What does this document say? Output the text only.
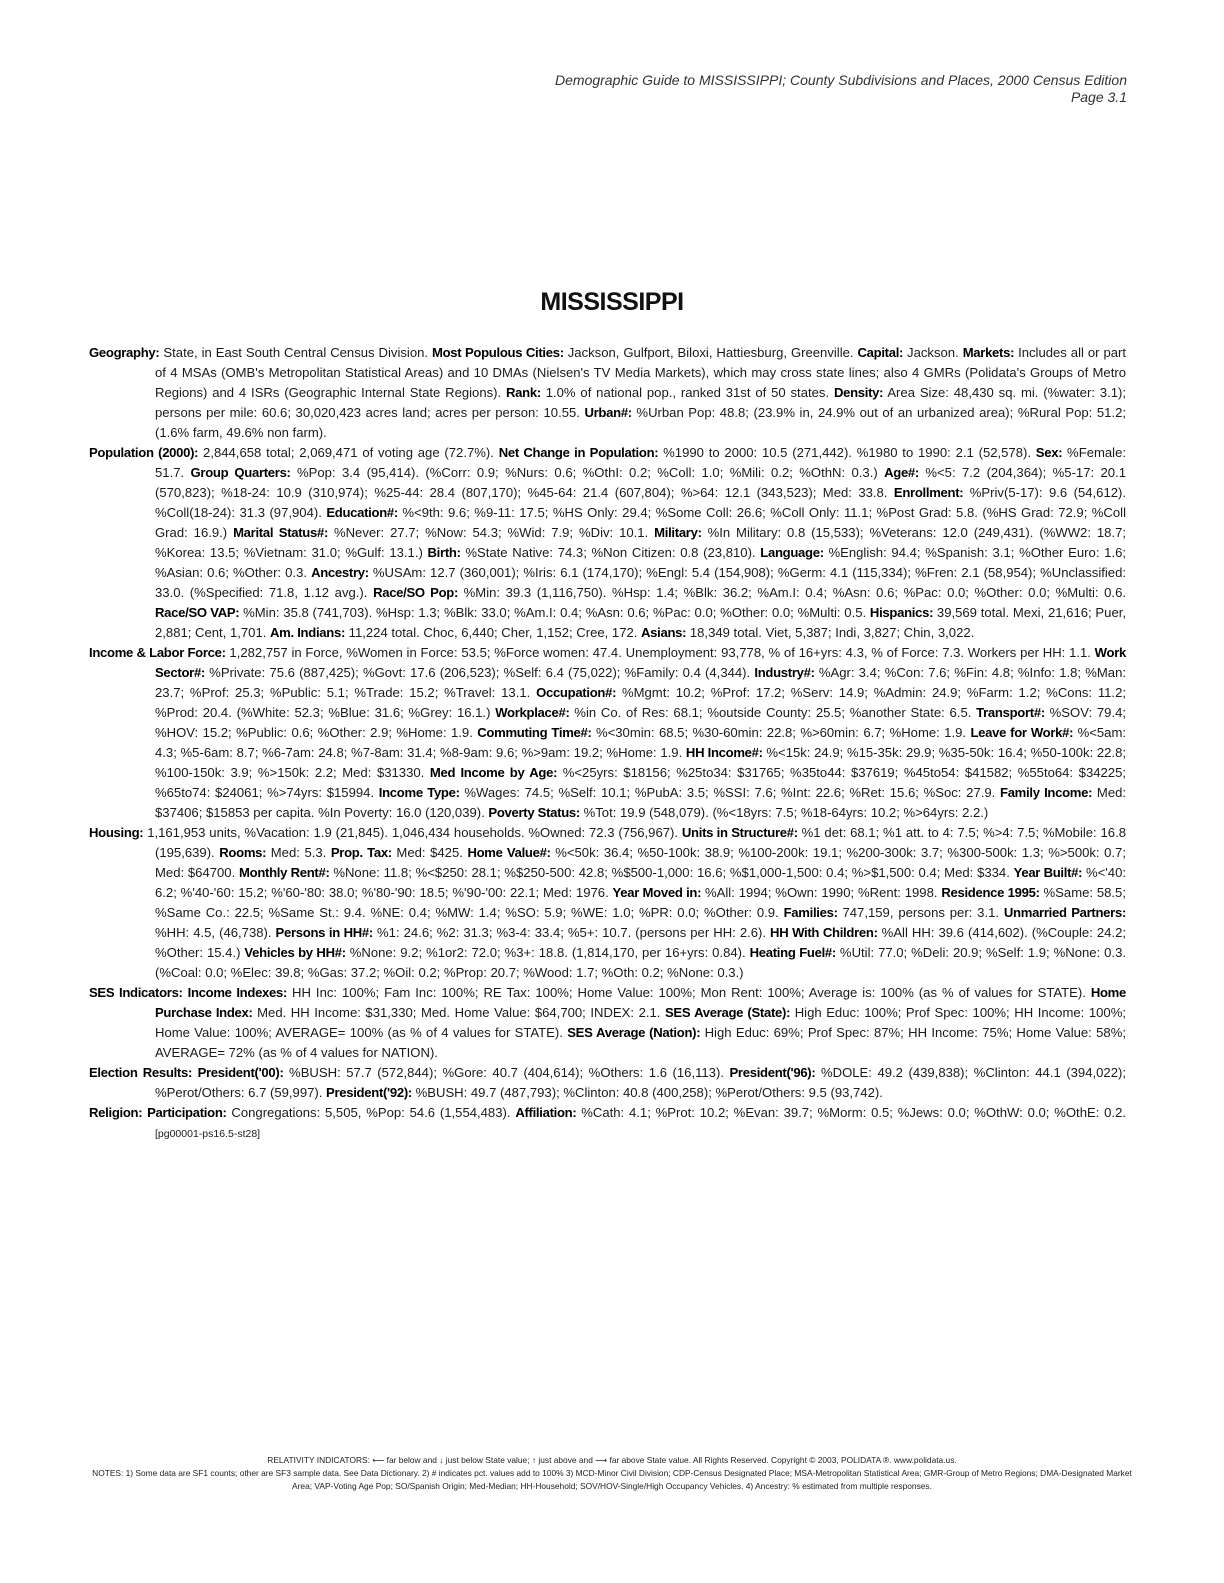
Demographic Guide to MISSISSIPPI; County Subdivisions and Places, 2000 Census Edition
Page 3.1
MISSISSIPPI

Geography: State, in East South Central Census Division. Most Populous Cities: Jackson, Gulfport, Biloxi, Hattiesburg, Greenville. Capital: Jackson. Markets: Includes all or part of 4 MSAs (OMB's Metropolitan Statistical Areas) and 10 DMAs (Nielsen's TV Media Markets), which may cross state lines; also 4 GMRs (Polidata's Groups of Metro Regions) and 4 ISRs (Geographic Internal State Regions). Rank: 1.0% of national pop., ranked 31st of 50 states. Density: Area Size: 48,430 sq. mi. (%water: 3.1); persons per mile: 60.6; 30,020,423 acres land; acres per person: 10.55. Urban#: %Urban Pop: 48.8; (23.9% in, 24.9% out of an urbanized area); %Rural Pop: 51.2; (1.6% farm, 49.6% non farm).

Population (2000): 2,844,658 total; 2,069,471 of voting age (72.7%). Net Change in Population: %1990 to 2000: 10.5 (271,442). %1980 to 1990: 2.1 (52,578). Sex: %Female: 51.7. Group Quarters: %Pop: 3.4 (95,414). (%Corr: 0.9; %Nurs: 0.6; %OthI: 0.2; %Coll: 1.0; %Mili: 0.2; %OthN: 0.3.) Age#: %<5: 7.2 (204,364); %5-17: 20.1 (570,823); %18-24: 10.9 (310,974); %25-44: 28.4 (807,170); %45-64: 21.4 (607,804); %>64: 12.1 (343,523); Med: 33.8. Enrollment: %Priv(5-17): 9.6 (54,612). %Coll(18-24): 31.3 (97,904). Education#: %<9th: 9.6; %9-11: 17.5; %HS Only: 29.4; %Some Coll: 26.6; %Coll Only: 11.1; %Post Grad: 5.8. (%HS Grad: 72.9; %Coll Grad: 16.9.) Marital Status#: %Never: 27.7; %Now: 54.3; %Wid: 7.9; %Div: 10.1. Military: %In Military: 0.8 (15,533); %Veterans: 12.0 (249,431). (%WW2: 18.7; %Korea: 13.5; %Vietnam: 31.0; %Gulf: 13.1.) Birth: %State Native: 74.3; %Non Citizen: 0.8 (23,810). Language: %English: 94.4; %Spanish: 3.1; %Other Euro: 1.6; %Asian: 0.6; %Other: 0.3. Ancestry: %USAm: 12.7 (360,001); %Iris: 6.1 (174,170); %Engl: 5.4 (154,908); %Germ: 4.1 (115,334); %Fren: 2.1 (58,954); %Unclassified: 33.0. (%Specified: 71.8, 1.12 avg.). Race/SO Pop: %Min: 39.3 (1,116,750). %Hsp: 1.4; %Blk: 36.2; %Am.I: 0.4; %Asn: 0.6; %Pac: 0.0; %Other: 0.0; %Multi: 0.6. Race/SO VAP: %Min: 35.8 (741,703). %Hsp: 1.3; %Blk: 33.0; %Am.I: 0.4; %Asn: 0.6; %Pac: 0.0; %Other: 0.0; %Multi: 0.5. Hispanics: 39,569 total. Mexi, 21,616; Puer, 2,881; Cent, 1,701. Am. Indians: 11,224 total. Choc, 6,440; Cher, 1,152; Cree, 172. Asians: 18,349 total. Viet, 5,387; Indi, 3,827; Chin, 3,022.

Income & Labor Force: 1,282,757 in Force, %Women in Force: 53.5; %Force women: 47.4. Unemployment: 93,778, % of 16+yrs: 4.3, % of Force: 7.3. Workers per HH: 1.1. Work Sector#: %Private: 75.6 (887,425); %Govt: 17.6 (206,523); %Self: 6.4 (75,022); %Family: 0.4 (4,344). Industry#: %Agr: 3.4; %Con: 7.6; %Fin: 4.8; %Info: 1.8; %Man: 23.7; %Prof: 25.3; %Public: 5.1; %Trade: 15.2; %Travel: 13.1. Occupation#: %Mgmt: 10.2; %Prof: 17.2; %Serv: 14.9; %Admin: 24.9; %Farm: 1.2; %Cons: 11.2; %Prod: 20.4. (%White: 52.3; %Blue: 31.6; %Grey: 16.1.) Workplace#: %in Co. of Res: 68.1; %outside County: 25.5; %another State: 6.5. Transport#: %SOV: 79.4; %HOV: 15.2; %Public: 0.6; %Other: 2.9; %Home: 1.9. Commuting Time#: %<30min: 68.5; %30-60min: 22.8; %>60min: 6.7; %Home: 1.9. Leave for Work#: %<5am: 4.3; %5-6am: 8.7; %6-7am: 24.8; %7-8am: 31.4; %8-9am: 9.6; %>9am: 19.2; %Home: 1.9. HH Income#: %<15k: 24.9; %15-35k: 29.9; %35-50k: 16.4; %50-100k: 22.8; %100-150k: 3.9; %>150k: 2.2; Med: $31330. Med Income by Age: %<25yrs: $18156; %25to34: $31765; %35to44: $37619; %45to54: $41582; %55to64: $34225; %65to74: $24061; %>74yrs: $15994. Income Type: %Wages: 74.5; %Self: 10.1; %PubA: 3.5; %SSI: 7.6; %Int: 22.6; %Ret: 15.6; %Soc: 27.9. Family Income: Med: $37406; $15853 per capita. %In Poverty: 16.0 (120,039). Poverty Status: %Tot: 19.9 (548,079). (%<18yrs: 7.5; %18-64yrs: 10.2; %>64yrs: 2.2.)

Housing: 1,161,953 units, %Vacation: 1.9 (21,845). 1,046,434 households. %Owned: 72.3 (756,967). Units in Structure#: %1 det: 68.1; %1 att. to 4: 7.5; %>4: 7.5; %Mobile: 16.8 (195,639). Rooms: Med: 5.3. Prop. Tax: Med: $425. Home Value#: %<50k: 36.4; %50-100k: 38.9; %100-200k: 19.1; %200-300k: 3.7; %300-500k: 1.3; %>500k: 0.7; Med: $64700. Monthly Rent#: %None: 11.8; %<$250: 28.1; %$250-500: 42.8; %$500-1,000: 16.6; %$1,000-1,500: 0.4; %>$1,500: 0.4; Med: $334. Year Built#: %<'40: 6.2; %'40-'60: 15.2; %'60-'80: 38.0; %'80-'90: 18.5; %'90-'00: 22.1; Med: 1976. Year Moved in: %All: 1994; %Own: 1990; %Rent: 1998. Residence 1995: %Same: 58.5; %Same Co.: 22.5; %Same St.: 9.4. %NE: 0.4; %MW: 1.4; %SO: 5.9; %WE: 1.0; %PR: 0.0; %Other: 0.9. Families: 747,159, persons per: 3.1. Unmarried Partners: %HH: 4.5, (46,738). Persons in HH#: %1: 24.6; %2: 31.3; %3-4: 33.4; %5+: 10.7. (persons per HH: 2.6). HH With Children: %All HH: 39.6 (414,602). (%Couple: 24.2; %Other: 15.4.) Vehicles by HH#: %None: 9.2; %1or2: 72.0; %3+: 18.8. (1,814,170, per 16+yrs: 0.84). Heating Fuel#: %Util: 77.0; %Deli: 20.9; %Self: 1.9; %None: 0.3. (%Coal: 0.0; %Elec: 39.8; %Gas: 37.2; %Oil: 0.2; %Prop: 20.7; %Wood: 1.7; %Oth: 0.2; %None: 0.3.)

SES Indicators: Income Indexes: HH Inc: 100%; Fam Inc: 100%; RE Tax: 100%; Home Value: 100%; Mon Rent: 100%; Average is: 100% (as % of values for STATE). Home Purchase Index: Med. HH Income: $31,330; Med. Home Value: $64,700; INDEX: 2.1. SES Average (State): High Educ: 100%; Prof Spec: 100%; HH Income: 100%; Home Value: 100%; AVERAGE= 100% (as % of 4 values for STATE). SES Average (Nation): High Educ: 69%; Prof Spec: 87%; HH Income: 75%; Home Value: 58%; AVERAGE= 72% (as % of 4 values for NATION).

Election Results: President('00): %BUSH: 57.7 (572,844); %Gore: 40.7 (404,614); %Others: 1.6 (16,113). President('96): %DOLE: 49.2 (439,838); %Clinton: 44.1 (394,022); %Perot/Others: 6.7 (59,997). President('92): %BUSH: 49.7 (487,793); %Clinton: 40.8 (400,258); %Perot/Others: 9.5 (93,742).

Religion: Participation: Congregations: 5,505, %Pop: 54.6 (1,554,483). Affiliation: %Cath: 4.1; %Prot: 10.2; %Evan: 39.7; %Morm: 0.5; %Jews: 0.0; %OthW: 0.0; %OthE: 0.2. [pg00001-ps16.5-st28]

RELATIVITY INDICATORS: ⟵ far below and ↓ just below State value; ↑ just above and ⟶ far above State value. All Rights Reserved. Copyright © 2003, POLIDATA ®. www.polidata.us.

NOTES: 1) Some data are SF1 counts; other are SF3 sample data. See Data Dictionary. 2) # indicates pct. values add to 100% 3) MCD-Minor Civil Division; CDP-Census Designated Place; MSA-Metropolitan Statistical Area; GMR-Group of Metro Regions; DMA-Designated Market Area; VAP-Voting Age Pop; SO/Spanish Origin; Med-Median; HH-Household; SOV/HOV-Single/High Occupancy Vehicles. 4) Ancestry: % estimated from multiple responses.
